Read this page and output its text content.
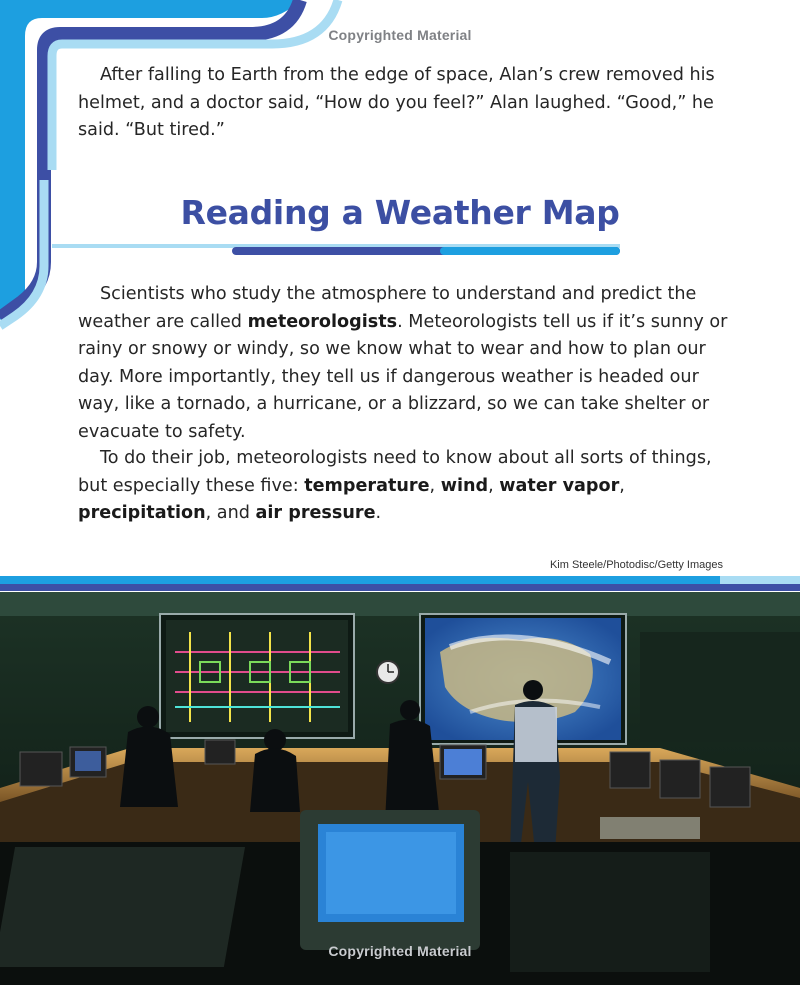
Copyrighted Material

After falling to Earth from the edge of space, Alan’s crew removed his helmet, and a doctor said, “How do you feel?” Alan laughed. “Good,” he said. “But tired.”

Reading a Weather Map

Scientists who study the atmosphere to understand and predict the weather are called meteorologists. Meteorologists tell us if it’s sunny or rainy or snowy or windy, so we know what to wear and how to plan our day. More importantly, they tell us if dangerous weather is headed our way, like a tornado, a hurricane, or a blizzard, so we can take shelter or evacuate to safety.

To do their job, meteorologists need to know about all sorts of things, but especially these five: temperature, wind, water vapor, precipitation, and air pressure.

Kim Steele/Photodisc/Getty Images
Copyrighted Material
